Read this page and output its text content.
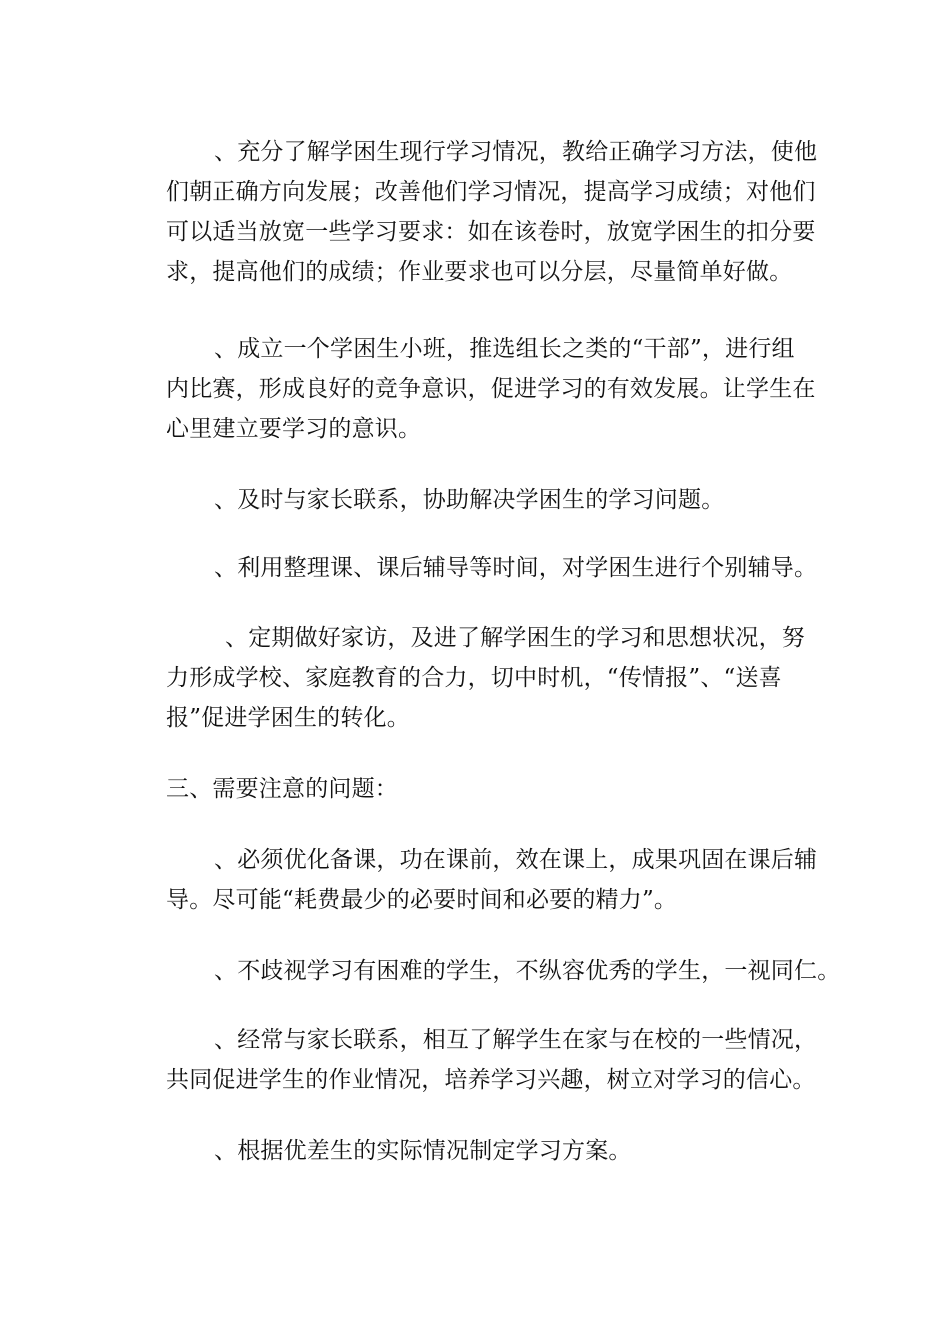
、充分了解学困生现行学习情况，教给正确学习方法，使他
们朝正确方向发展；改善他们学习情况，提高学习成绩；对他们
可以适当放宽一些学习要求：如在该卷时，放宽学困生的扣分要
求，提高他们的成绩；作业要求也可以分层，尽量简单好做。
、成立一个学困生小班，推选组长之类的“干部”，进行组
内比赛，形成良好的竞争意识，促进学习的有效发展。让学生在
心里建立要学习的意识。
、及时与家长联系，协助解决学困生的学习问题。
、利用整理课、课后辅导等时间，对学困生进行个别辅导。
、定期做好家访，及进了解学困生的学习和思想状况，努
力形成学校、家庭教育的合力，切中时机，“传情报”、“送喜
报”促进学困生的转化。
三、需要注意的问题：
、必须优化备课，功在课前，效在课上，成果巩固在课后辅
导。尽可能“耗费最少的必要时间和必要的精力”。
、不歧视学习有困难的学生，不纵容优秀的学生，一视同仁。
、经常与家长联系，相互了解学生在家与在校的一些情况，
共同促进学生的作业情况，培养学习兴趣，树立对学习的信心。
、根据优差生的实际情况制定学习方案。
